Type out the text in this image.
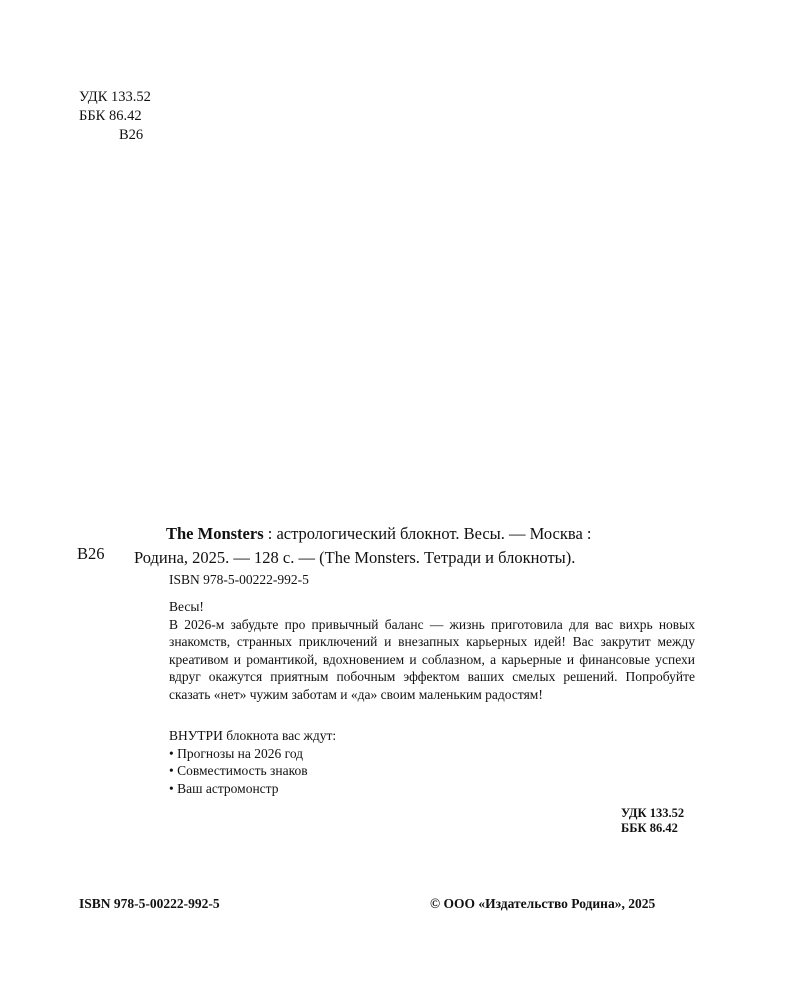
УДК 133.52
ББК 86.42
В26
В26
The Monsters : астрологический блокнот. Весы. — Москва :
Родина, 2025. — 128 с. — (The Monsters. Тетради и блокноты).
ISBN 978-5-00222-992-5

Весы!

В 2026-м забудьте про привычный баланс — жизнь приготовила для вас вихрь новых знакомств, странных приключений и внезапных карьерных идей! Вас закрутит между креативом и романтикой, вдохновением и соблазном, а карьерные и финансовые успехи вдруг окажутся приятным побочным эффектом ваших смелых решений. Попробуйте сказать «нет» чужим заботам и «да» своим маленьким радостям!

ВНУТРИ блокнота вас ждут:
• Прогнозы на 2026 год
• Совместимость знаков
• Ваш астромонстр
УДК 133.52
ББК 86.42
ISBN 978-5-00222-992-5	© ООО «Издательство Родина», 2025
